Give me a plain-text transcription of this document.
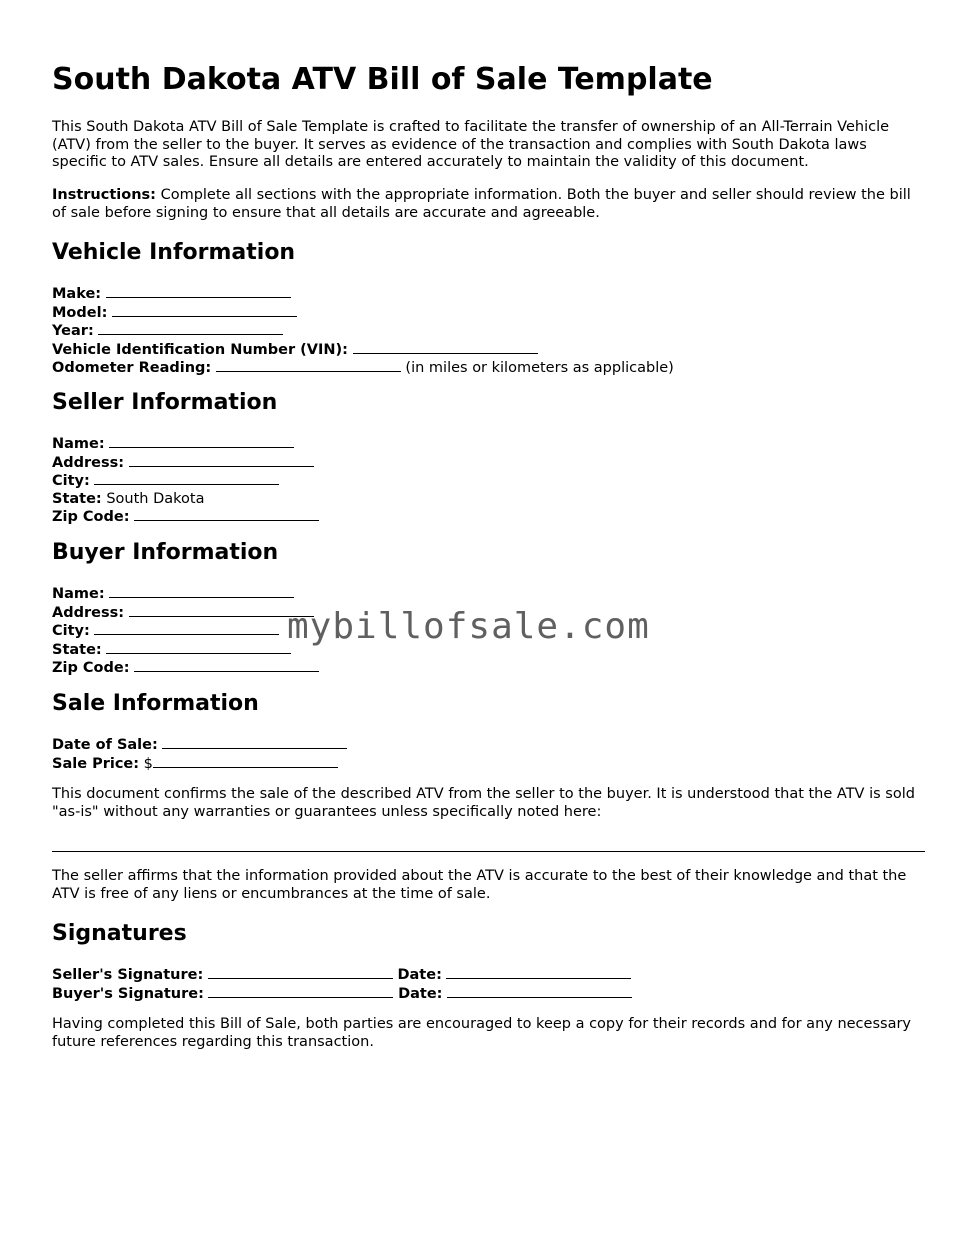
South Dakota ATV Bill of Sale Template

This South Dakota ATV Bill of Sale Template is crafted to facilitate the transfer of ownership of an All-Terrain Vehicle (ATV) from the seller to the buyer. It serves as evidence of the transaction and complies with South Dakota laws specific to ATV sales. Ensure all details are entered accurately to maintain the validity of this document.

Instructions: Complete all sections with the appropriate information. Both the buyer and seller should review the bill of sale before signing to ensure that all details are accurate and agreeable.

Vehicle Information
Make:
Model:
Year:
Vehicle Identification Number (VIN):
Odometer Reading:	(in miles or kilometers as applicable)
Seller Information
Name:
Address:
City:
State: South Dakota
Zip Code:
Buyer Information
Name:
Address:
City:
State:
Zip Code:
Sale Information
Date of Sale:
Sale Price: $

This document confirms the sale of the described ATV from the seller to the buyer. It is understood that the ATV is sold "as-is" without any warranties or guarantees unless specifically noted here:

The seller affirms that the information provided about the ATV is accurate to the best of their knowledge and that the ATV is free of any liens or encumbrances at the time of sale.

Signatures
Seller's Signature:	Date:
Buyer's Signature:	Date:

Having completed this Bill of Sale, both parties are encouraged to keep a copy for their records and for any necessary future references regarding this transaction.

mybillofsale.com
